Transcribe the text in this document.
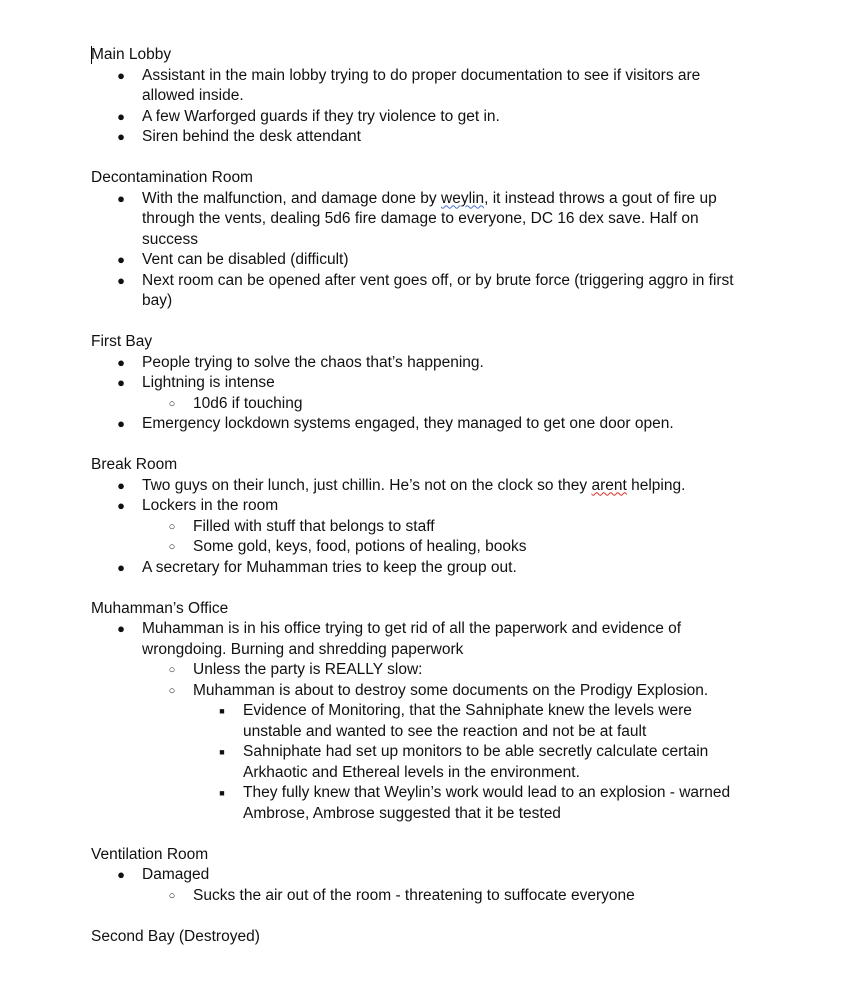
Main Lobby
● Assistant in the main lobby trying to do proper documentation to see if visitors are allowed inside.
● A few Warforged guards if they try violence to get in.
● Siren behind the desk attendant
Decontamination Room
● With the malfunction, and damage done by weylin, it instead throws a gout of fire up through the vents, dealing 5d6 fire damage to everyone, DC 16 dex save. Half on success
● Vent can be disabled (difficult)
● Next room can be opened after vent goes off, or by brute force (triggering aggro in first bay)
First Bay
● People trying to solve the chaos that’s happening.
● Lightning is intense
○ 10d6 if touching
● Emergency lockdown systems engaged, they managed to get one door open.
Break Room
● Two guys on their lunch, just chillin. He’s not on the clock so they arent helping.
● Lockers in the room
○ Filled with stuff that belongs to staff
○ Some gold, keys, food, potions of healing, books
● A secretary for Muhamman tries to keep the group out.
Muhamman’s Office
● Muhamman is in his office trying to get rid of all the paperwork and evidence of wrongdoing. Burning and shredding paperwork
○ Unless the party is REALLY slow:
○ Muhamman is about to destroy some documents on the Prodigy Explosion.
■ Evidence of Monitoring, that the Sahniphate knew the levels were unstable and wanted to see the reaction and not be at fault
■ Sahniphate had set up monitors to be able secretly calculate certain Arkhaotic and Ethereal levels in the environment.
■ They fully knew that Weylin’s work would lead to an explosion - warned Ambrose, Ambrose suggested that it be tested
Ventilation Room
● Damaged
○ Sucks the air out of the room - threatening to suffocate everyone
Second Bay (Destroyed)
